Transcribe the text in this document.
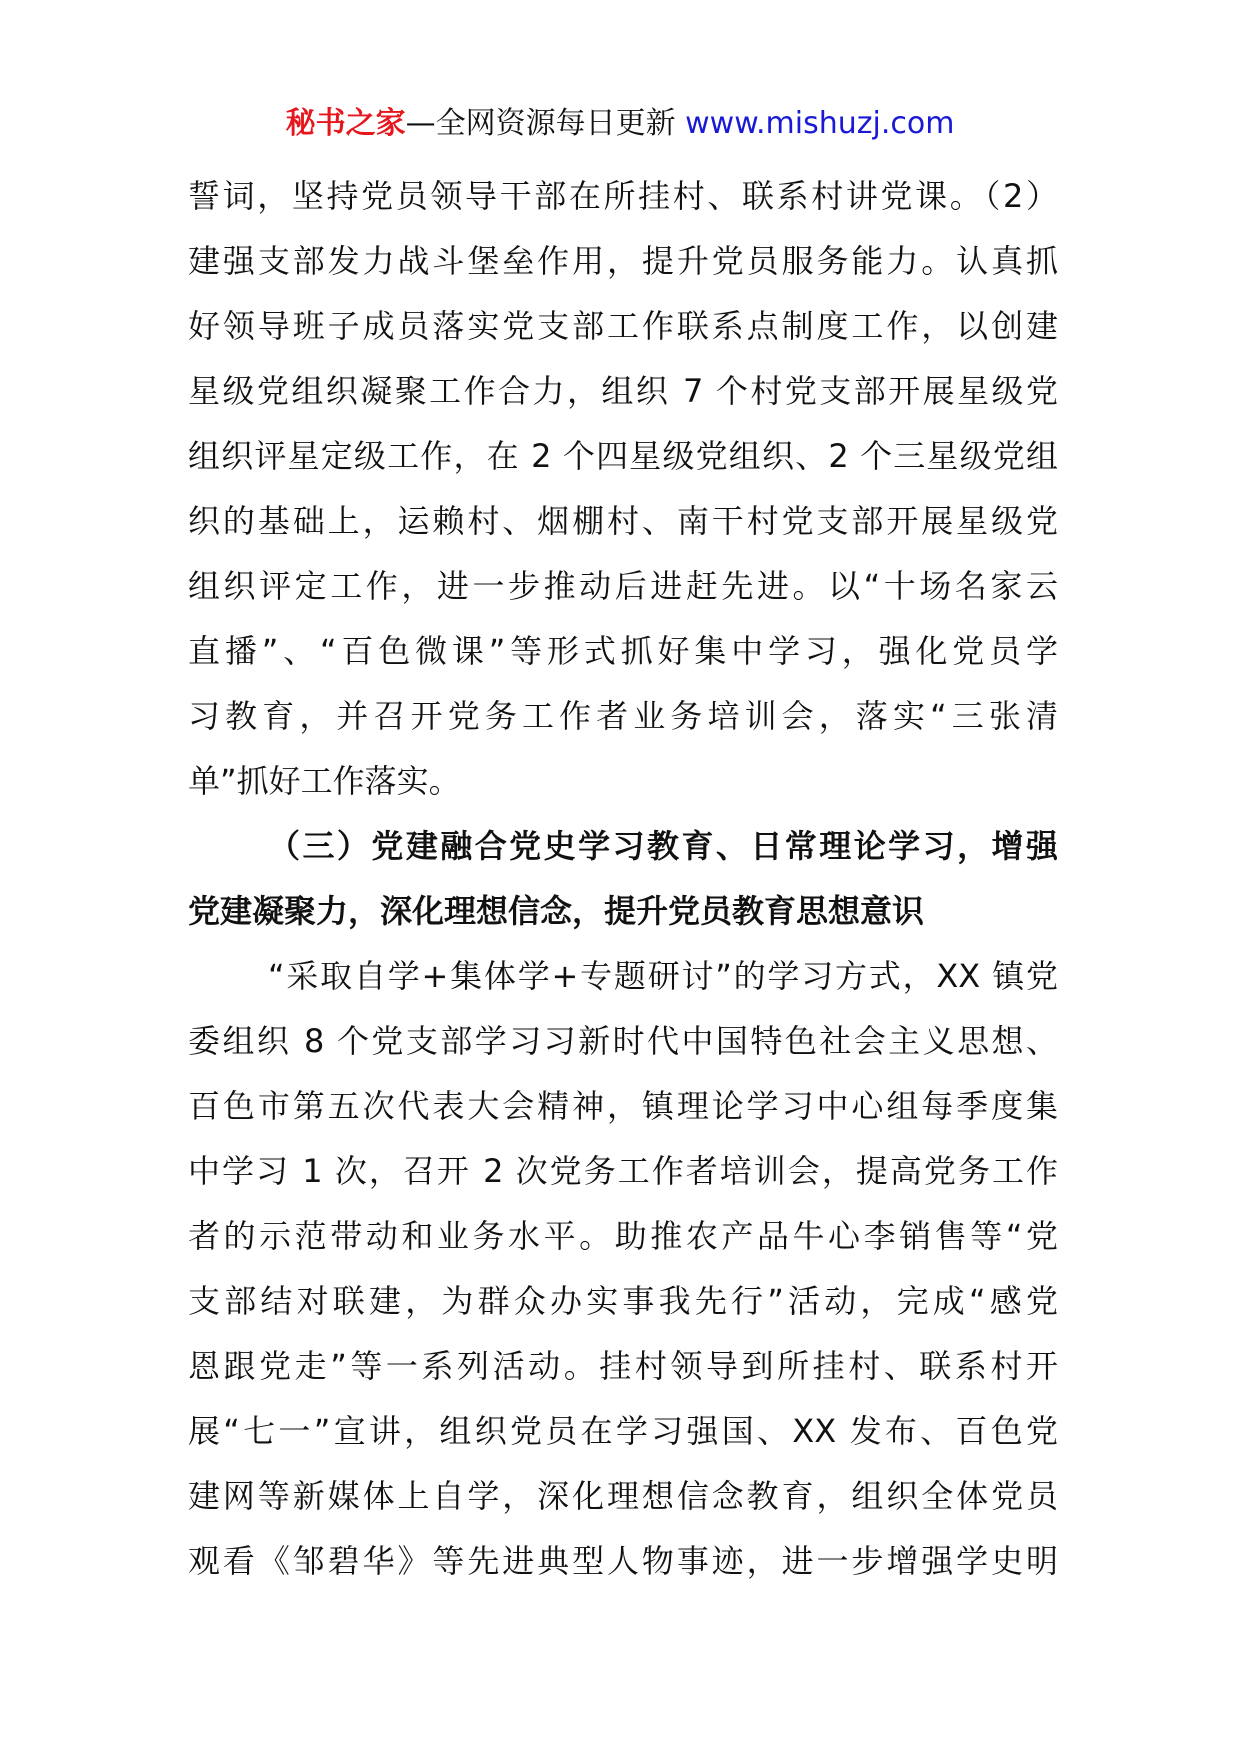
秘书之家—全网资源每日更新 www.mishuzj.com
誓词，坚持党员领导干部在所挂村、联系村讲党课。（2）
建强支部发力战斗堡垒作用，提升党员服务能力。认真抓
好领导班子成员落实党支部工作联系点制度工作，以创建
星级党组织凝聚工作合力，组织 7 个村党支部开展星级党
组织评星定级工作，在 2 个四星级党组织、2 个三星级党组
织的基础上，运赖村、烟棚村、南干村党支部开展星级党
组织评定工作，进一步推动后进赶先进。以“十场名家云
直播”、“百色微课”等形式抓好集中学习，强化党员学
习教育，并召开党务工作者业务培训会，落实“三张清
单”抓好工作落实。
（三）党建融合党史学习教育、日常理论学习，增强
党建凝聚力，深化理想信念，提升党员教育思想意识
“采取自学+集体学+专题研讨”的学习方式，XX 镇党
委组织 8 个党支部学习习新时代中国特色社会主义思想、
百色市第五次代表大会精神，镇理论学习中心组每季度集
中学习 1 次，召开 2 次党务工作者培训会，提高党务工作
者的示范带动和业务水平。助推农产品牛心李销售等“党
支部结对联建，为群众办实事我先行”活动，完成“感党
恩跟党走”等一系列活动。挂村领导到所挂村、联系村开
展“七一”宣讲，组织党员在学习强国、XX 发布、百色党
建网等新媒体上自学，深化理想信念教育，组织全体党员
观看《邹碧华》等先进典型人物事迹，进一步增强学史明
